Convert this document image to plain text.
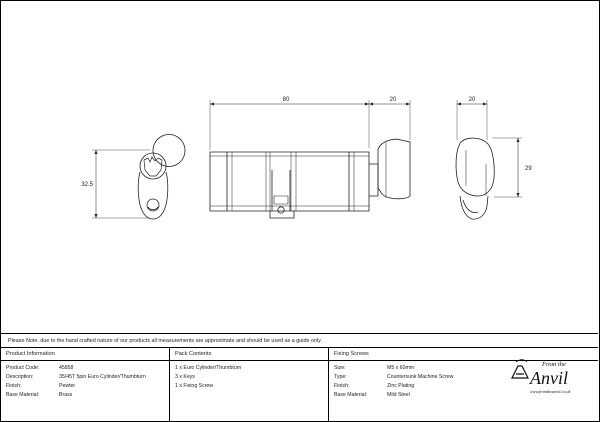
80	20
32.5
20
29
Please Note, due to the hand crafted nature of our products all measurements are approximate and should be used as a guide only.
Product Information
Product Code:	45858
Description:	35/45T 5pin Euro Cylinder/Thumbturn
Finish:	Pewter
Base Material:	Brass
Pack Contents
1 x Euro Cylinder/Thumbturn
3 x Keys
1 x Fixing Screw
Fixing Screws
Size:	M5 x 60mm
Type:	Countersunk Machine Screw
Finish:	Zinc Plating
Base Material:	Mild Steel
From the
Anvil
www.fromtheanvil.co.uk
